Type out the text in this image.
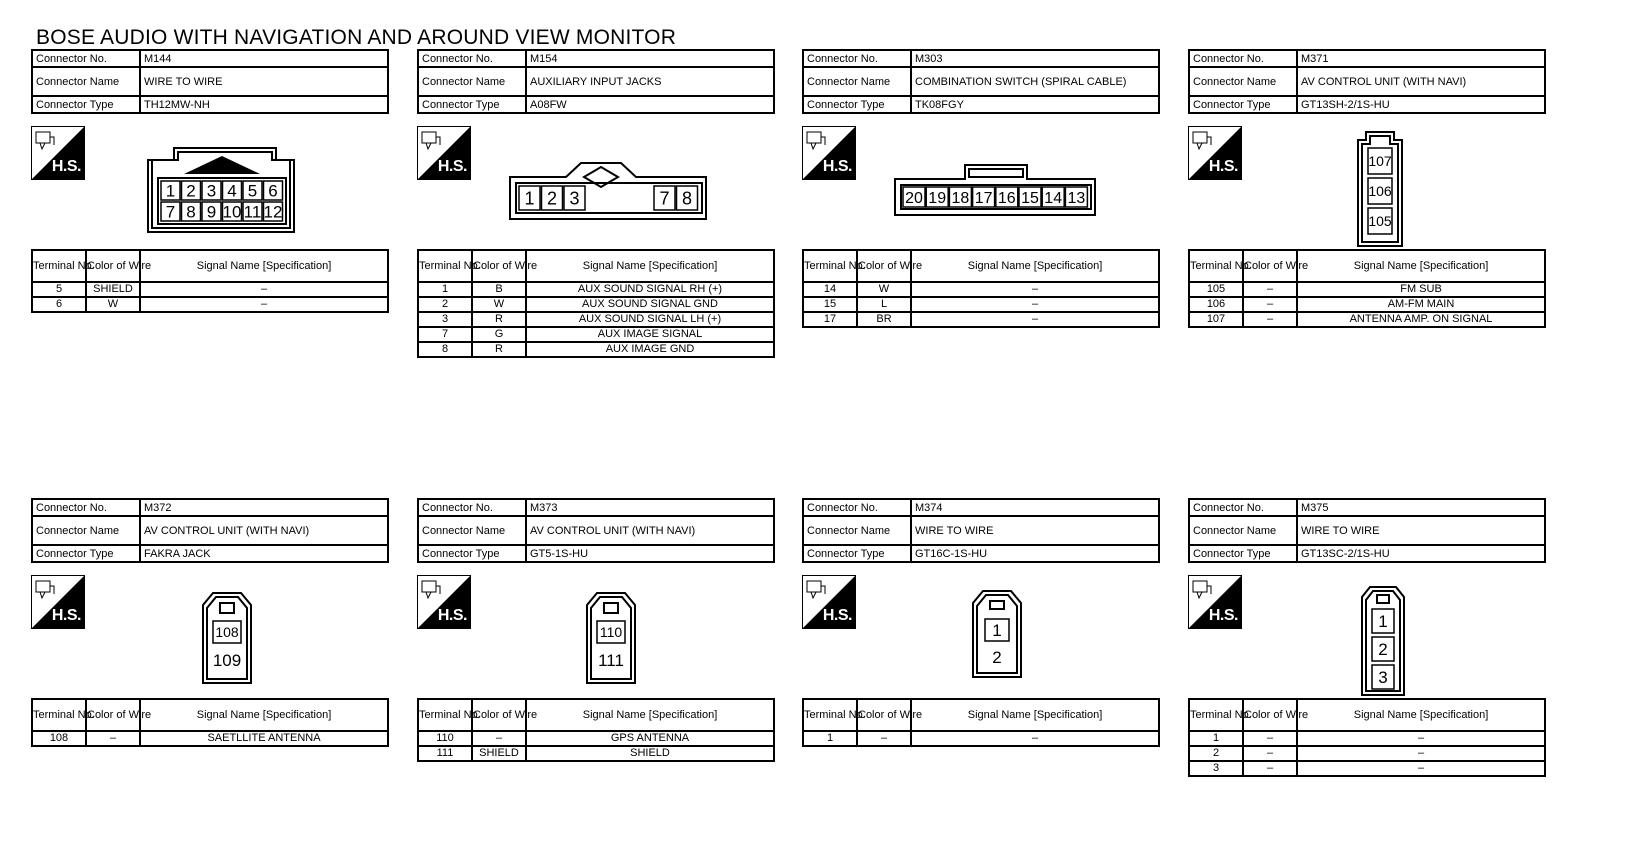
BOSE AUDIO WITH NAVIGATION AND AROUND VIEW MONITOR
Connector No.	M144
Connector Name	WIRE TO WIRE
Connector Type	TH12MW-NH
H.S.
1 2 3 4 5 6
7 8 9 10 11 12
Terminal No.	Color of Wire	Signal Name [Specification]
5	SHIELD	–
6	W	–
Connector No.	M154
Connector Name	AUXILIARY INPUT JACKS
Connector Type	A08FW
H.S.
1 2 3	7 8
Terminal No.	Color of Wire	Signal Name [Specification]
1	B	AUX SOUND SIGNAL RH (+)
2	W	AUX SOUND SIGNAL GND
3	R	AUX SOUND SIGNAL LH (+)
7	G	AUX IMAGE SIGNAL
8	R	AUX IMAGE GND
Connector No.	M303
Connector Name	COMBINATION SWITCH (SPIRAL CABLE)
Connector Type	TK08FGY
H.S.
20 19 18 17 16 15 14 13
Terminal No.	Color of Wire	Signal Name [Specification]
14	W	–
15	L	–
17	BR	–
Connector No.	M371
Connector Name	AV CONTROL UNIT (WITH NAVI)
Connector Type	GT13SH-2/1S-HU
H.S.	107
106
105
Terminal No.	Color of Wire	Signal Name [Specification]
105	–	FM SUB
106	–	AM-FM MAIN
107	–	ANTENNA AMP. ON SIGNAL
Connector No.	M372
Connector Name	AV CONTROL UNIT (WITH NAVI)
Connector Type	FAKRA JACK
H.S.
108
109
Terminal No.	Color of Wire	Signal Name [Specification]
108	–	SAETLLITE ANTENNA
Connector No.	M373
Connector Name	AV CONTROL UNIT (WITH NAVI)
Connector Type	GT5-1S-HU
H.S.
110
111
Terminal No.	Color of Wire	Signal Name [Specification]
110	–	GPS ANTENNA
111	SHIELD	SHIELD
Connector No.	M374
Connector Name	WIRE TO WIRE
Connector Type	GT16C-1S-HU
H.S.
1
2
Terminal No.	Color of Wire	Signal Name [Specification]
1	–	–
Connector No.	M375
Connector Name	WIRE TO WIRE
Connector Type	GT13SC-2/1S-HU
H.S.	1
2
3
Terminal No.	Color of Wire	Signal Name [Specification]
1	–	–
2	–	–
3	–	–
